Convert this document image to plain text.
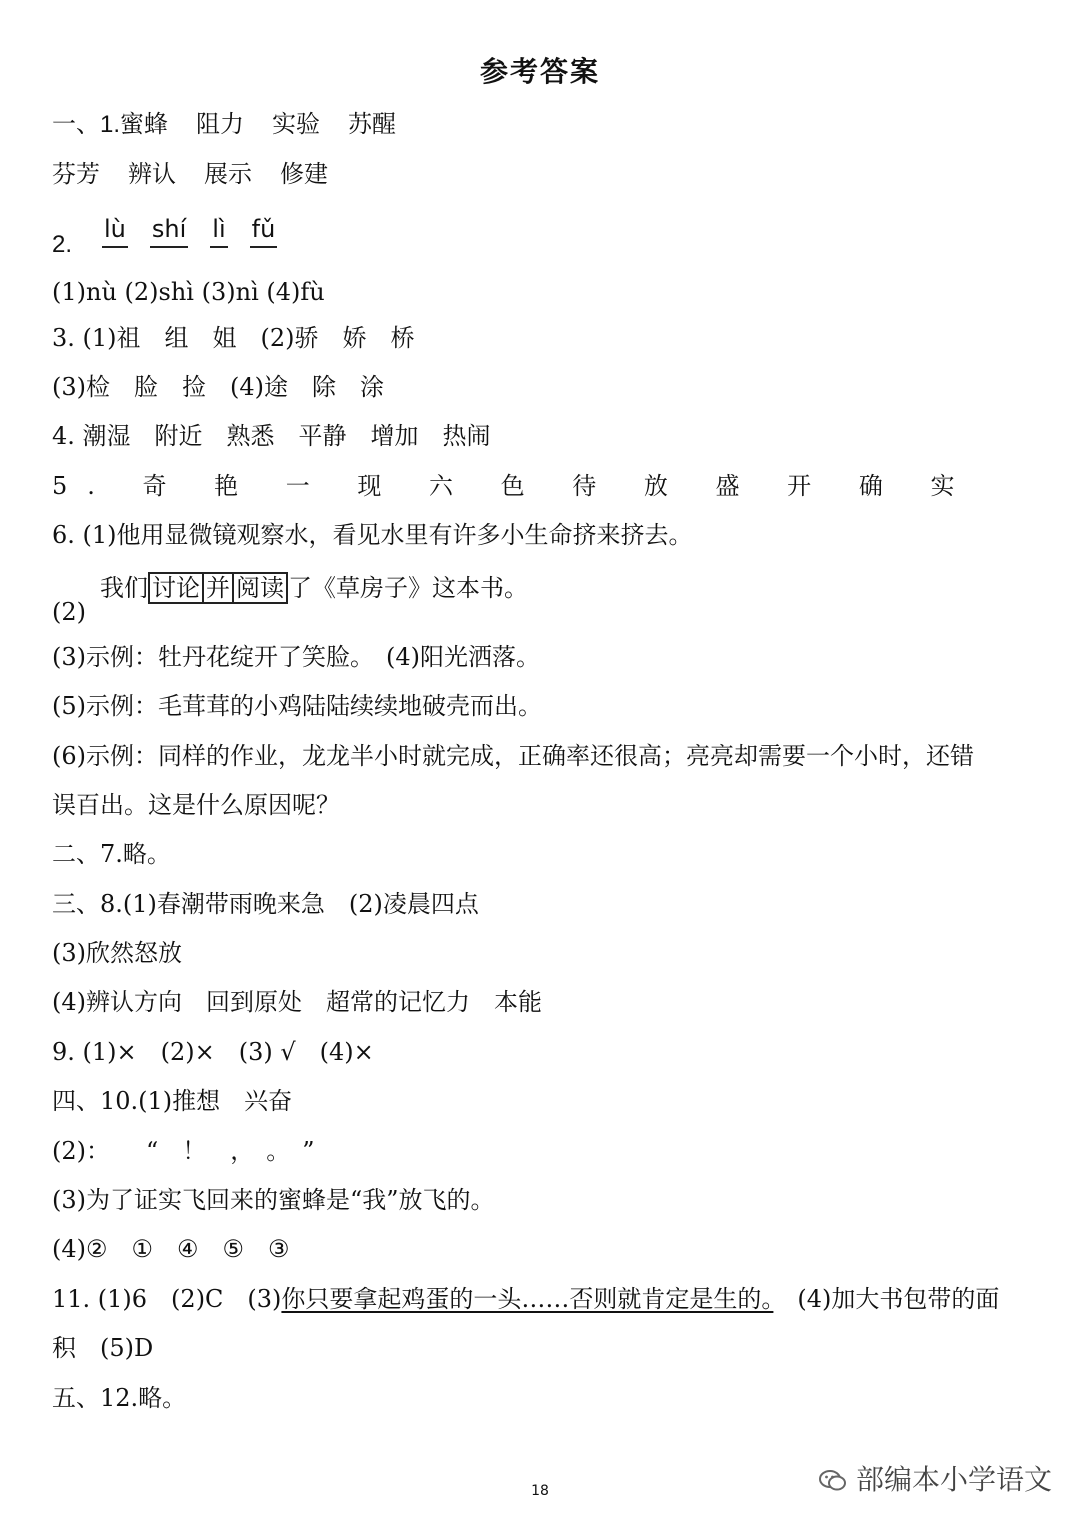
参考答案
一、1.蜜蜂 阻力 实验 苏醒
芬芳 辨认 展示 修建
2.
lù shí lì fǔ
(1)nù (2)shì (3)nì (4)fù
3. (1)祖　组　姐　(2)骄　娇　桥
(3)检　脸　捡　(4)途　除　涂
4. 潮湿　附近　熟悉　平静　增加　热闹
5. 奇 艳 一 现 六 色 待 放 盛 开 确 实
6. (1)他用显微镜观察水，看见水里有许多小生命挤来挤去。
(2)
我们 讨论 并 阅读 了《草房子》这本书。
(3)示例：牡丹花绽开了笑脸。　(4)阳光洒落。
(5)示例：毛茸茸的小鸡陆陆续续地破壳而出。
(6)示例：同样的作业，龙龙半小时就完成，正确率还很高；亮亮却需要一个小时，还错
误百出。这是什么原因呢？
二、7.略。
三、8.(1)春潮带雨晚来急　(2)凌晨四点
(3)欣然怒放
(4)辨认方向　回到原处　超常的记忆力　本能
9. (1)×　(2)×　(3) √　(4)×
四、10.(1)推想　兴奋
(2)：　　“　！　，　。　”
(3)为了证实飞回来的蜜蜂是“我”放飞的。
(4)②　①　④　⑤　③
11. (1)6　(2)C　(3)你只要拿起鸡蛋的一头……否则就肯定是生的。　(4)加大书包带的面
积　(5)D
五、12.略。
18	部编本小学语文
